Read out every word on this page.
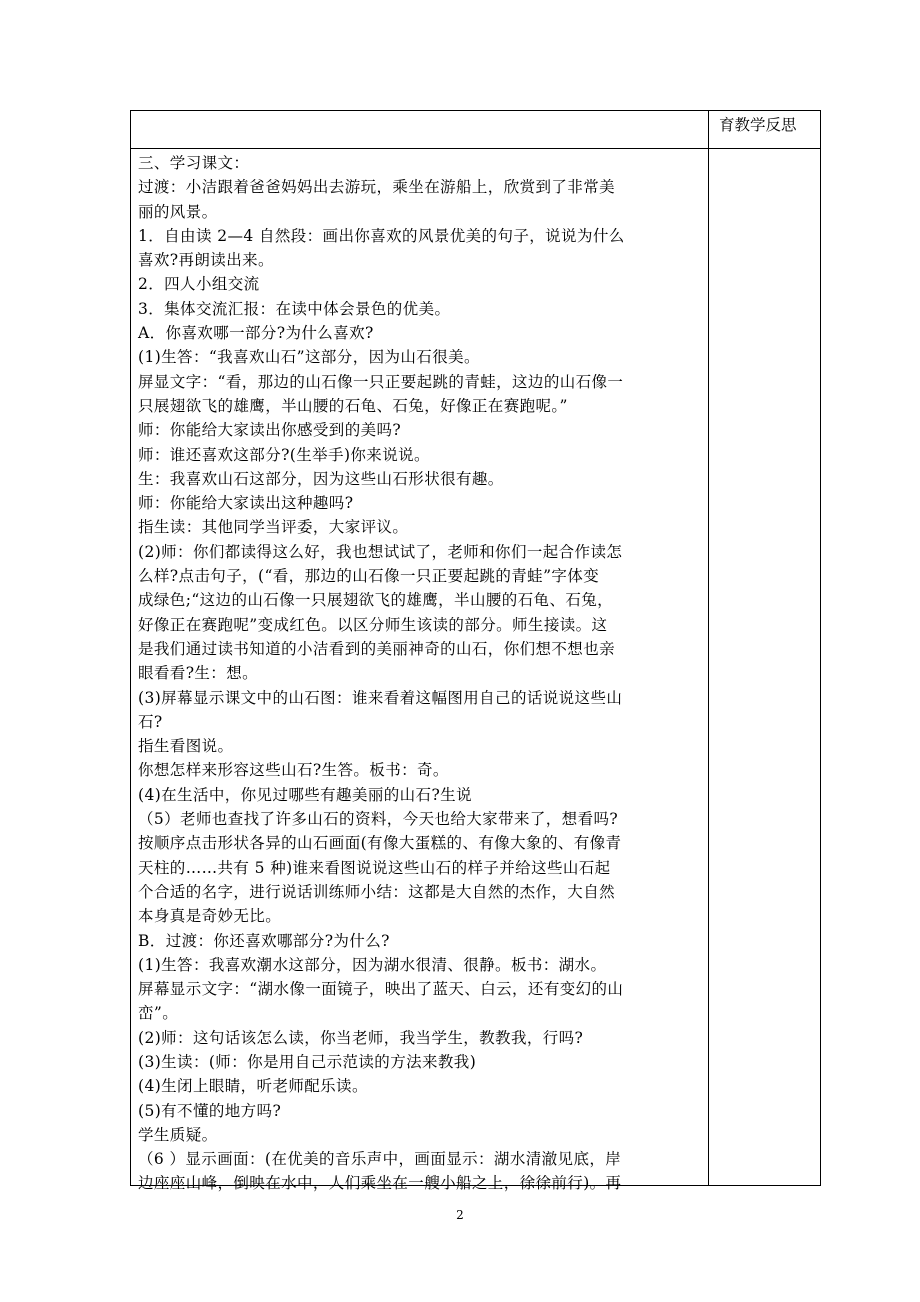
育教学反思
三、学习课文：
过渡：小洁跟着爸爸妈妈出去游玩，乘坐在游船上，欣赏到了非常美
丽的风景。
1．自由读 2—4 自然段：画出你喜欢的风景优美的句子，说说为什么
喜欢?再朗读出来。
2．四人小组交流
3．集体交流汇报：在读中体会景色的优美。
A．你喜欢哪一部分?为什么喜欢?
(1)生答：“我喜欢山石”这部分，因为山石很美。
屏显文字：“看，那边的山石像一只正要起跳的青蛙，这边的山石像一
只展翅欲飞的雄鹰，半山腰的石龟、石兔，好像正在赛跑呢。”
师：你能给大家读出你感受到的美吗?
师：谁还喜欢这部分?(生举手)你来说说。
生：我喜欢山石这部分，因为这些山石形状很有趣。
师：你能给大家读出这种趣吗?
指生读：其他同学当评委，大家评议。
(2)师：你们都读得这么好，我也想试试了，老师和你们一起合作读怎
么样?点击句子，(“看，那边的山石像一只正要起跳的青蛙”字体变
成绿色;“这边的山石像一只展翅欲飞的雄鹰，半山腰的石龟、石兔，
好像正在赛跑呢”变成红色。以区分师生该读的部分。师生接读。这
是我们通过读书知道的小洁看到的美丽神奇的山石，你们想不想也亲
眼看看?生：想。
(3)屏幕显示课文中的山石图：谁来看着这幅图用自己的话说说这些山
石?
指生看图说。
你想怎样来形容这些山石?生答。板书：奇。
(4)在生活中，你见过哪些有趣美丽的山石?生说
（5）老师也查找了许多山石的资料，今天也给大家带来了，想看吗?
按顺序点击形状各异的山石画面(有像大蛋糕的、有像大象的、有像青
天柱的……共有 5 种)谁来看图说说这些山石的样子并给这些山石起
个合适的名字，进行说话训练师小结：这都是大自然的杰作，大自然
本身真是奇妙无比。
B．过渡：你还喜欢哪部分?为什么?
(1)生答：我喜欢潮水这部分，因为湖水很清、很静。板书：湖水。
屏幕显示文字：“湖水像一面镜子，映出了蓝天、白云，还有变幻的山
峦”。
(2)师：这句话该怎么读，你当老师，我当学生，教教我，行吗?
(3)生读：(师：你是用自己示范读的方法来教我)
(4)生闭上眼睛，听老师配乐读。
(5)有不懂的地方吗?
学生质疑。
（6 ）显示画面：(在优美的音乐声中，画面显示：湖水清澈见底，岸
边座座山峰，倒映在水中，人们乘坐在一艘小船之上，徐徐前行)。再
2
